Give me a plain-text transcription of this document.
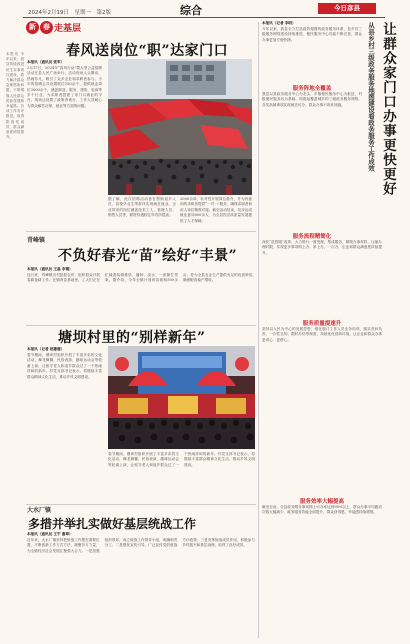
2024年2月19日　星期一　第2版	综合	今日彦县
本报讯 今年以来，我县持续推进民生实事项目建设，着力解决群众急难愁盼问题，不断增强人民群众的获得感和幸福感。各项工作有序推进，取得阶段性成效，群众满意度明显提升。
新	春 走基层
春风送岗位“职”达家门口
本报讯（通讯员 张军）
2月17日，2024年“春风行动”暨大型公益招聘活动在县人民广场举行。活动现场人头攒动，热闹非凡，吸引了众多企业和求职者参与。今年的招聘会共设置展位150余个，提供就业岗位3000余个，涵盖制造、服务、建筑、电商等多个行业，为求职者搭建了家门口就业的平台。现场还设置了政策咨询台，工作人员耐心为群众解答社保、就业等方面的问题。
据了解，此次招聘活动旨在帮助返乡人员、高校毕业生等群体实现就近就业，企业带来的岗位涵盖技术工人、管理人员、销售人员等，薪资待遇较往年有所提高。
2000余岗，针对性开展岗位推介，并为有意向的求职者提供“一对一”服务，确保求职者和用人单位精准对接。截至活动结束，初步达成就业意向800余人，为全县经济高质量发展提供了人才保障。
青峰镇
不负好春光“苗”绘好“丰景”
本报讯（通讯员 王磊 李钢）
连日来，青峰镇各村抢抓农时，组织群众开展春耕备耕工作。在镇育苗基地里，工人们正在忙碌着装填基质、播种、浇水，一派繁忙景象。据介绍，今年全镇计划育苗面积500余亩，将为全县农业生产提供充足的优质种苗，确保粮食稳产增收。
塘坝村里的“别样新年”
本报讯（记者 赵珊珊）
春节期间，塘坝村组织开展了丰富多彩的文化活动，舞龙舞狮、民俗表演、趣味运动会等轮番上演，让留守老人和返乡群众过了一个热闹祥和的新年。村党支部书记表示，将继续丰富群众精神文化生活，推动乡风文明建设。
春节期间，塘坝村组织开展了丰富多彩的文化活动，舞龙舞狮、民俗表演、趣味运动会等轮番上演，让留守老人和返乡群众过了一个热闹祥和的新年。村党支部书记表示，将继续丰富群众精神文化生活，推动乡风文明建设。
大水厂镇
多措并举扎实做好基层统战工作
本报讯（通讯员 王宇 谢坤）
近年来，大水厂镇坚持把统战工作摆在重要位置，不断创新工作方式方法，凝聚各方力量，为全镇经济社会发展汇聚强大合力。一是加强组织领导，成立统战工作领导小组，明确职责分工；二是强化宣传引导，广泛宣传党的统战方针政策；三是发挥统战成员作用，积极参与乡村振兴和基层治理，取得了良好成效。
让群众家门口办事更快更好
从县乡村三级政务服务地图建设看政务服务工作成效
本报讯（记者 李明）
今年以来，我县全力打造高效便捷的政务服务体系，县乡村三级服务网络建设持续推进，便民服务中心功能不断完善，群众办事更加方便快捷。
服务阵地全覆盖
我县以县政务服务中心为龙头，乡镇便民服务中心为枢纽，村级便民服务站为基础，构建起覆盖城乡的三级政务服务网络，各类高频事项实现就近可办，群众办事不再来回跑。
服务流程精简化
深化“放管服”改革，大力推行一窗受理、集成服务，精简办事材料，压缩办理时限，实现更多事项网上办、掌上办、一次办，企业和群众满意度持续提升。
服务质量提速升
坚持以人民为中心的发展思想，强化窗口工作人员业务培训，落实首问负责、一次性告知、限时办结等制度，持续优化营商环境，让企业和群众办事更省心、更舒心。
服务效率大幅提高
截至目前，全县政务服务事项网上可办率达到98%以上，群众办事平均跑动次数大幅减少，政务服务效能全面提升，群众获得感、幸福感持续增强。
